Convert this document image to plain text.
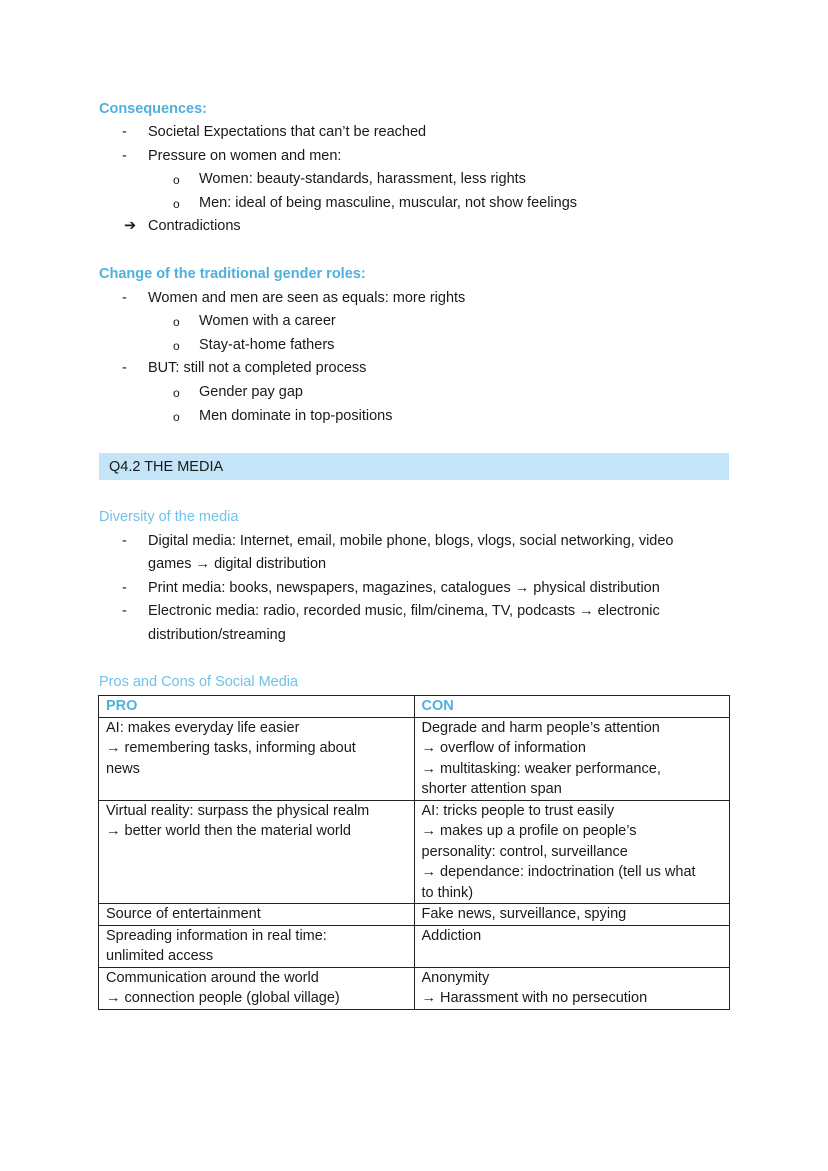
Consequences:
- Societal Expectations that can’t be reached
- Pressure on women and men:
o Women: beauty-standards, harassment, less rights
o Men: ideal of being masculine, muscular, not show feelings
➔ Contradictions
Change of the traditional gender roles:
- Women and men are seen as equals: more rights
o Women with a career
o Stay-at-home fathers
- BUT: still not a completed process
o Gender pay gap
o Men dominate in top-positions
Q4.2 THE MEDIA
Diversity of the media
- Digital media: Internet, email, mobile phone, blogs, vlogs, social networking, video
games → digital distribution
- Print media: books, newspapers, magazines, catalogues → physical distribution
- Electronic media: radio, recorded music, film/cinema, TV, podcasts → electronic
distribution/streaming
Pros and Cons of Social Media
PRO	CON

AI: makes everyday life easier
→ remembering tasks, informing about
news	Degrade and harm people’s attention
→ overflow of information
→ multitasking: weaker performance,
shorter attention span

Virtual reality: surpass the physical realm
→ better world then the material world	AI: tricks people to trust easily
→ makes up a profile on people’s
personality: control, surveillance
→ dependance: indoctrination (tell us what
to think)

Source of entertainment	Fake news, surveillance, spying

Spreading information in real time:
unlimited access	Addiction

Communication around the world
→ connection people (global village)	Anonymity
→ Harassment with no persecution
